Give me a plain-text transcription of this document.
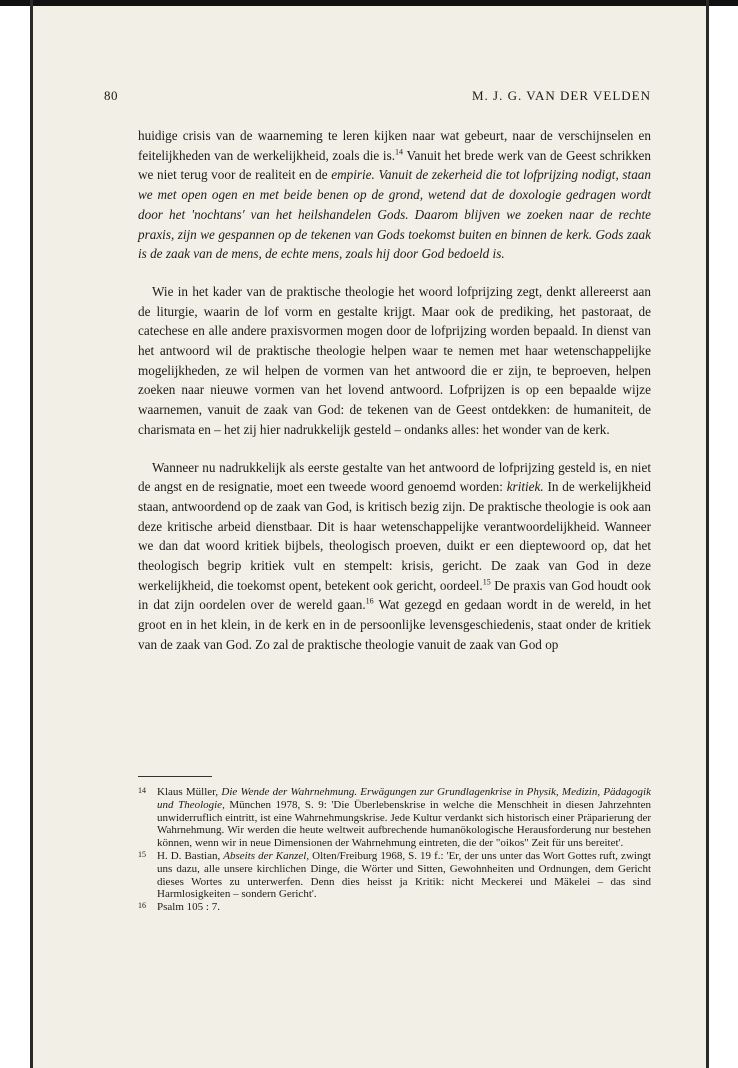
80	M. J. G. VAN DER VELDEN

huidige crisis van de waarneming te leren kijken naar wat gebeurt, naar de verschijnselen en feitelijkheden van de werkelijkheid, zoals die is.$^{14}$ Vanuit het brede werk van de Geest schrikken we niet terug voor de realiteit en de empirie. Vanuit de zekerheid die tot lofprijzing nodigt, staan we met open ogen en met beide benen op de grond, wetend dat de doxologie gedragen wordt door het 'nochtans' van het heilshandelen Gods. Daarom blijven we zoeken naar de rechte praxis, zijn we gespannen op de tekenen van Gods toekomst buiten en binnen de kerk. Gods zaak is de zaak van de mens, de echte mens, zoals hij door God bedoeld is.

Wie in het kader van de praktische theologie het woord lofprijzing zegt, denkt allereerst aan de liturgie, waarin de lof vorm en gestalte krijgt. Maar ook de prediking, het pastoraat, de catechese en alle andere praxisvormen mogen door de lofprijzing worden bepaald. In dienst van het antwoord wil de praktische theologie helpen waar te nemen met haar wetenschappelijke mogelijkheden, ze wil helpen de vormen van het antwoord die er zijn, te beproeven, helpen zoeken naar nieuwe vormen van het lovend antwoord. Lofprijzen is op een bepaalde wijze waarnemen, vanuit de zaak van God: de tekenen van de Geest ontdekken: de humaniteit, de charismata en – het zij hier nadrukkelijk gesteld – ondanks alles: het wonder van de kerk.

Wanneer nu nadrukkelijk als eerste gestalte van het antwoord de lofprijzing gesteld is, en niet de angst en de resignatie, moet een tweede woord genoemd worden: kritiek. In de werkelijkheid staan, antwoordend op de zaak van God, is kritisch bezig zijn. De praktische theologie is ook aan deze kritische arbeid dienstbaar. Dit is haar wetenschappelijke verantwoordelijkheid. Wanneer we dan dat woord kritiek bijbels, theologisch proeven, duikt er een dieptewoord op, dat het theologisch begrip kritiek vult en stempelt: krisis, gericht. De zaak van God in deze werkelijkheid, die toekomst opent, betekent ook gericht, oordeel.$^{15}$ De praxis van God houdt ook in dat zijn oordelen over de wereld gaan.$^{16}$ Wat gezegd en gedaan wordt in de wereld, in het groot en in het klein, in de kerk en in de persoonlijke levensgeschiedenis, staat onder de kritiek van de zaak van God. Zo zal de praktische theologie vanuit de zaak van God op

14 Klaus Müller, Die Wende der Wahrnehmung. Erwägungen zur Grundlagenkrise in Physik, Medizin, Pädagogik und Theologie, München 1978, S. 9: 'Die Überlebenskrise in welche die Menschheit in diesen Jahrzehnten unwiderruflich eintritt, ist eine Wahrnehmungskrise. Jede Kultur verdankt sich historisch einer Präparierung der Wahrnehmung. Wir werden die heute weltweit aufbrechende humanökologische Herausforderung nur bestehen können, wenn wir in neue Dimensionen der Wahrnehmung eintreten, die der "oikos" Zeit für uns bereitet'.

15 H. D. Bastian, Abseits der Kanzel, Olten/Freiburg 1968, S. 19 f.: 'Er, der uns unter das Wort Gottes ruft, zwingt uns dazu, alle unsere kirchlichen Dinge, die Wörter und Sitten, Gewohnheiten und Ordnungen, dem Gericht dieses Wortes zu unterwerfen. Denn dies heisst ja Kritik: nicht Meckerei und Mäkelei – das sind Harmlosigkeiten – sondern Gericht'.

16 Psalm 105 : 7.
